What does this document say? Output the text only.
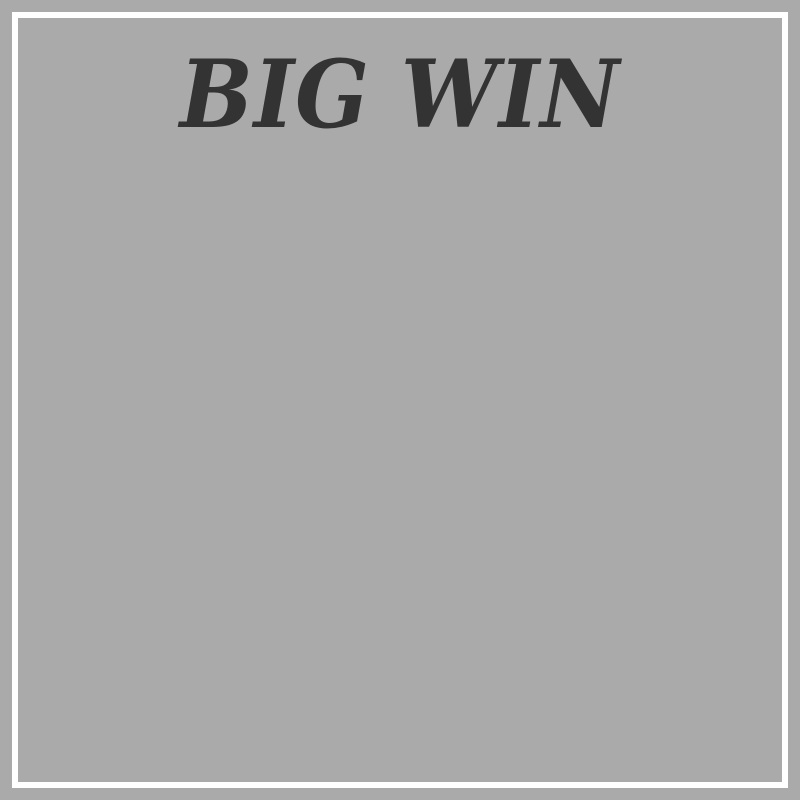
BIG WIN
